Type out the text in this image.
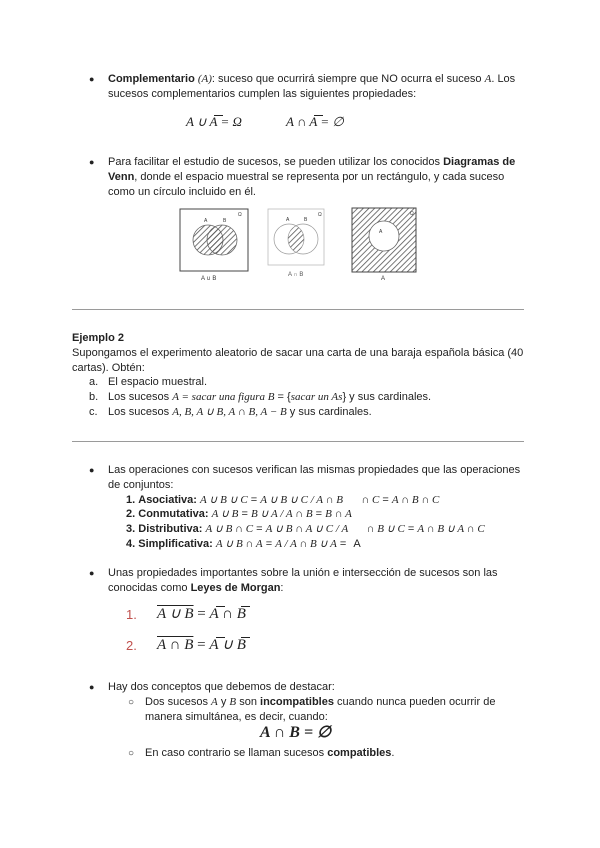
● Complementario (A): suceso que ocurrirá siempre que NO ocurra el suceso A. Los
sucesos complementarios cumplen las siguientes propiedades:
A ∪ A = Ω	A ∩ A = ∅
● Para facilitar el estudio de sucesos, se pueden utilizar los conocidos Diagramas de
Venn, donde el espacio muestral se representa por un rectángulo, y cada suceso
como un círculo incluido en él.
A	B
Ω
A ∪ B
A	B
Ω
A ∩ B
A
Ω
A
Ejemplo 2
Supongamos el experimento aleatorio de sacar una carta de una baraja española básica (40
cartas). Obtén:
a. El espacio muestral.
b. Los sucesos A = sacar una figura B = {sacar un As} y sus cardinales.
c. Los sucesos A, B, A ∪ B, A ∩ B, A − B y sus cardinales.
● Las operaciones con sucesos verifican las mismas propiedades que las operaciones
de conjuntos:
1. Asociativa: A ∪ B ∪ C = A ∪ B ∪ C / A ∩ B ∩ C = A ∩ B ∩ C
2. Conmutativa: A ∪ B = B ∪ A / A ∩ B = B ∩ A
3. Distributiva: A ∪ B ∩ C = A ∪ B ∩ A ∪ C / A ∩ B ∪ C = A ∩ B ∪ A ∩ C
4. Simplificativa: A ∪ B ∩ A = A / A ∩ B ∪ A = A
● Unas propiedades importantes sobre la unión e intersección de sucesos son las
conocidas como Leyes de Morgan:
1. A ∪ B = A ∩ B
2. A ∩ B = A ∪ B
● Hay dos conceptos que debemos de destacar:
○ Dos sucesos A y B son incompatibles cuando nunca pueden ocurrir de
manera simultánea, es decir, cuando:
A ∩ B = ∅
○ En caso contrario se llaman sucesos compatibles.
